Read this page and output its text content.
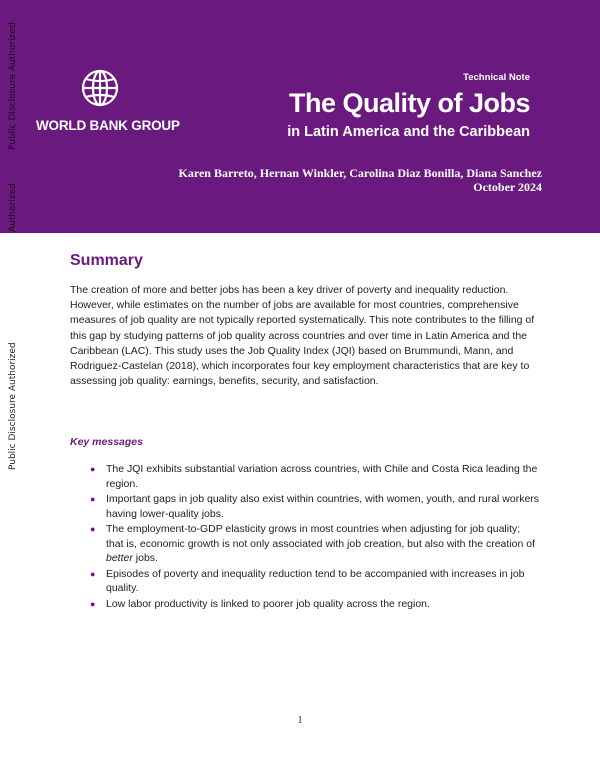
Public Disclosure Authorized
Authorized
WORLD BANK GROUP
Technical Note
The Quality of Jobs
in Latin America and the Caribbean
Karen Barreto, Hernan Winkler, Carolina Diaz Bonilla, Diana Sanchez
October 2024
Public Disclosure Authorized
Summary
The creation of more and better jobs has been a key driver of poverty and inequality reduction. However, while estimates on the number of jobs are available for most countries, comprehensive measures of job quality are not typically reported systematically. This note contributes to the filling of this gap by studying patterns of job quality across countries and over time in Latin America and the Caribbean (LAC). This study uses the Job Quality Index (JQI) based on Brummundi, Mann, and Rodriguez-Castelan (2018), which incorporates four key employment characteristics that are key to assessing job quality: earnings, benefits, security, and satisfaction.
Key messages
● The JQI exhibits substantial variation across countries, with Chile and Costa Rica leading the region.
● Important gaps in job quality also exist within countries, with women, youth, and rural workers having lower-quality jobs.
● The employment-to-GDP elasticity grows in most countries when adjusting for job quality; that is, economic growth is not only associated with job creation, but also with the creation of better jobs.
● Episodes of poverty and inequality reduction tend to be accompanied with increases in job quality.
● Low labor productivity is linked to poorer job quality across the region.
1
